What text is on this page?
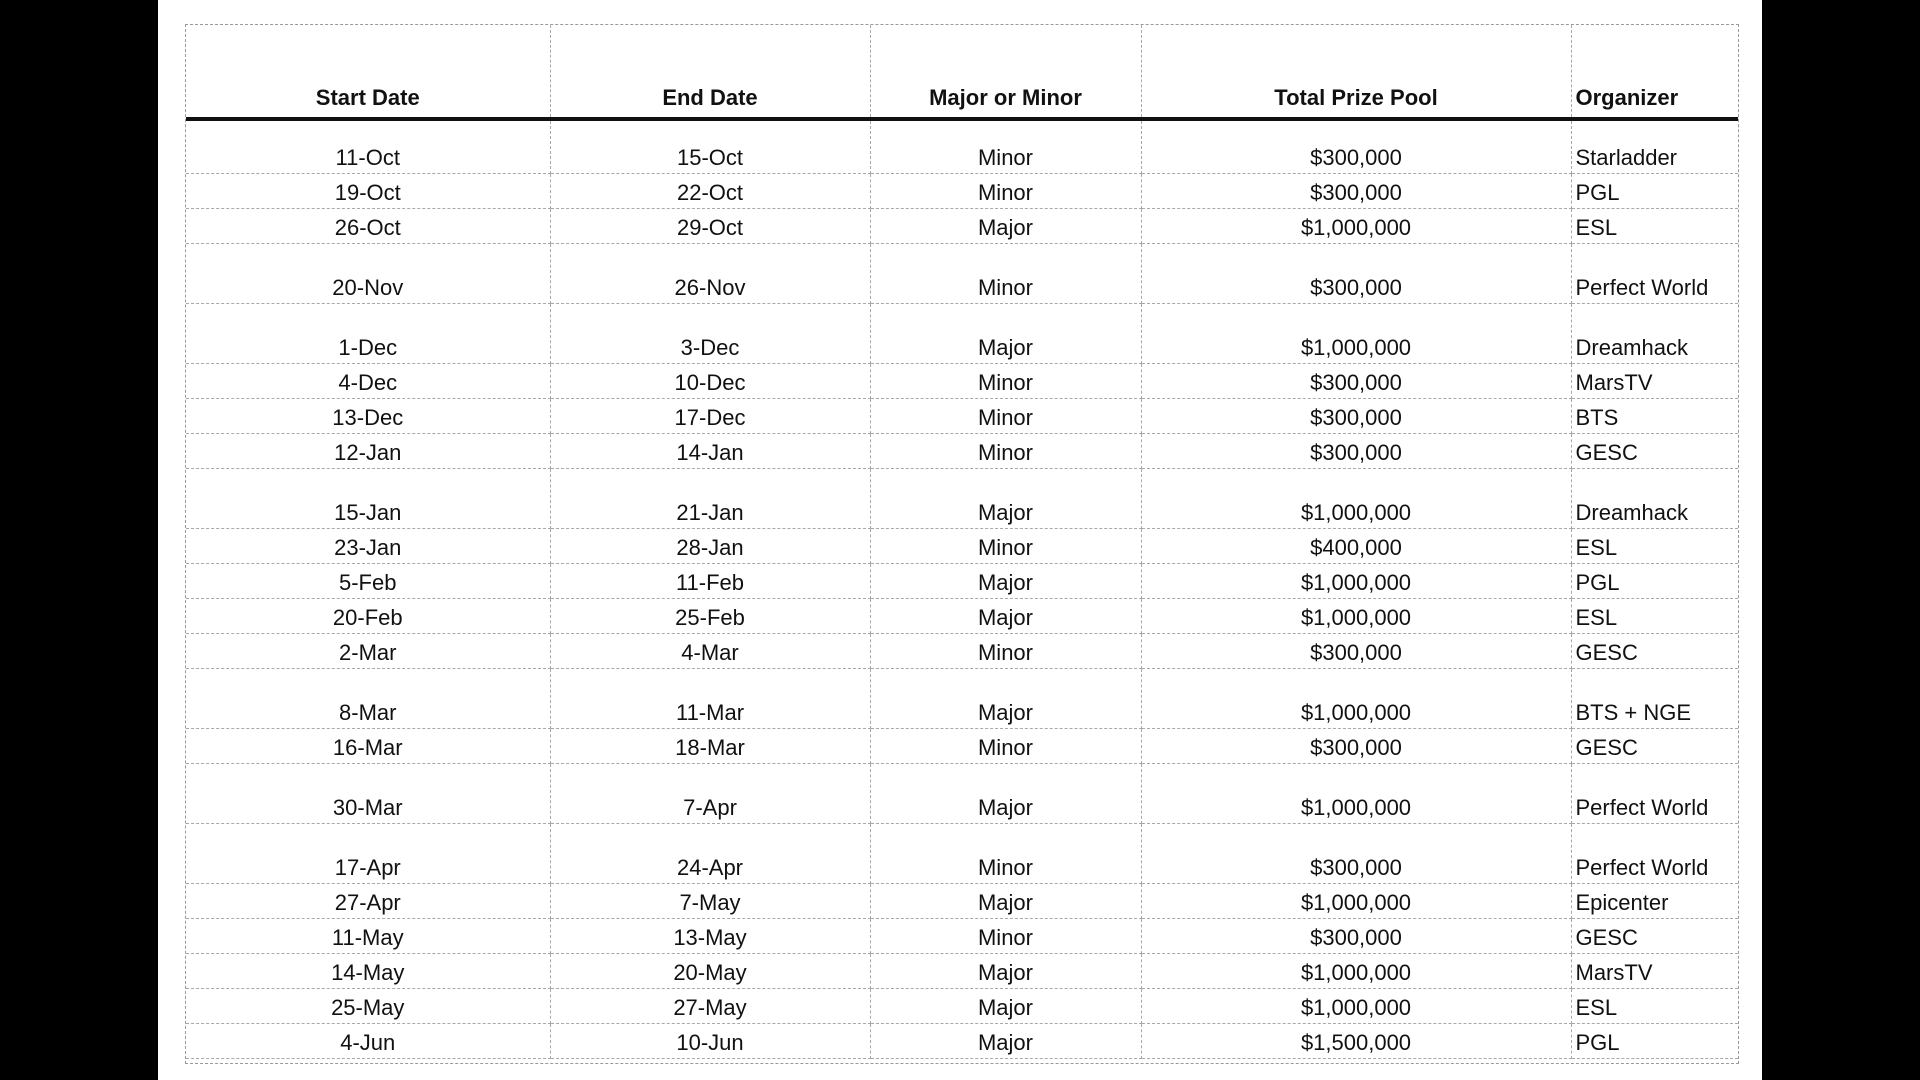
Start Date	End Date	Major or Minor	Total Prize Pool	Organizer
11-Oct	15-Oct	Minor	$300,000	Starladder
19-Oct	22-Oct	Minor	$300,000	PGL
26-Oct	29-Oct	Major	$1,000,000	ESL
20-Nov	26-Nov	Minor	$300,000	Perfect World
1-Dec	3-Dec	Major	$1,000,000	Dreamhack
4-Dec	10-Dec	Minor	$300,000	MarsTV
13-Dec	17-Dec	Minor	$300,000	BTS
12-Jan	14-Jan	Minor	$300,000	GESC
15-Jan	21-Jan	Major	$1,000,000	Dreamhack
23-Jan	28-Jan	Minor	$400,000	ESL
5-Feb	11-Feb	Major	$1,000,000	PGL
20-Feb	25-Feb	Major	$1,000,000	ESL
2-Mar	4-Mar	Minor	$300,000	GESC
8-Mar	11-Mar	Major	$1,000,000	BTS + NGE
16-Mar	18-Mar	Minor	$300,000	GESC
30-Mar	7-Apr	Major	$1,000,000	Perfect World
17-Apr	24-Apr	Minor	$300,000	Perfect World
27-Apr	7-May	Major	$1,000,000	Epicenter
11-May	13-May	Minor	$300,000	GESC
14-May	20-May	Major	$1,000,000	MarsTV
25-May	27-May	Major	$1,000,000	ESL
4-Jun	10-Jun	Major	$1,500,000	PGL
